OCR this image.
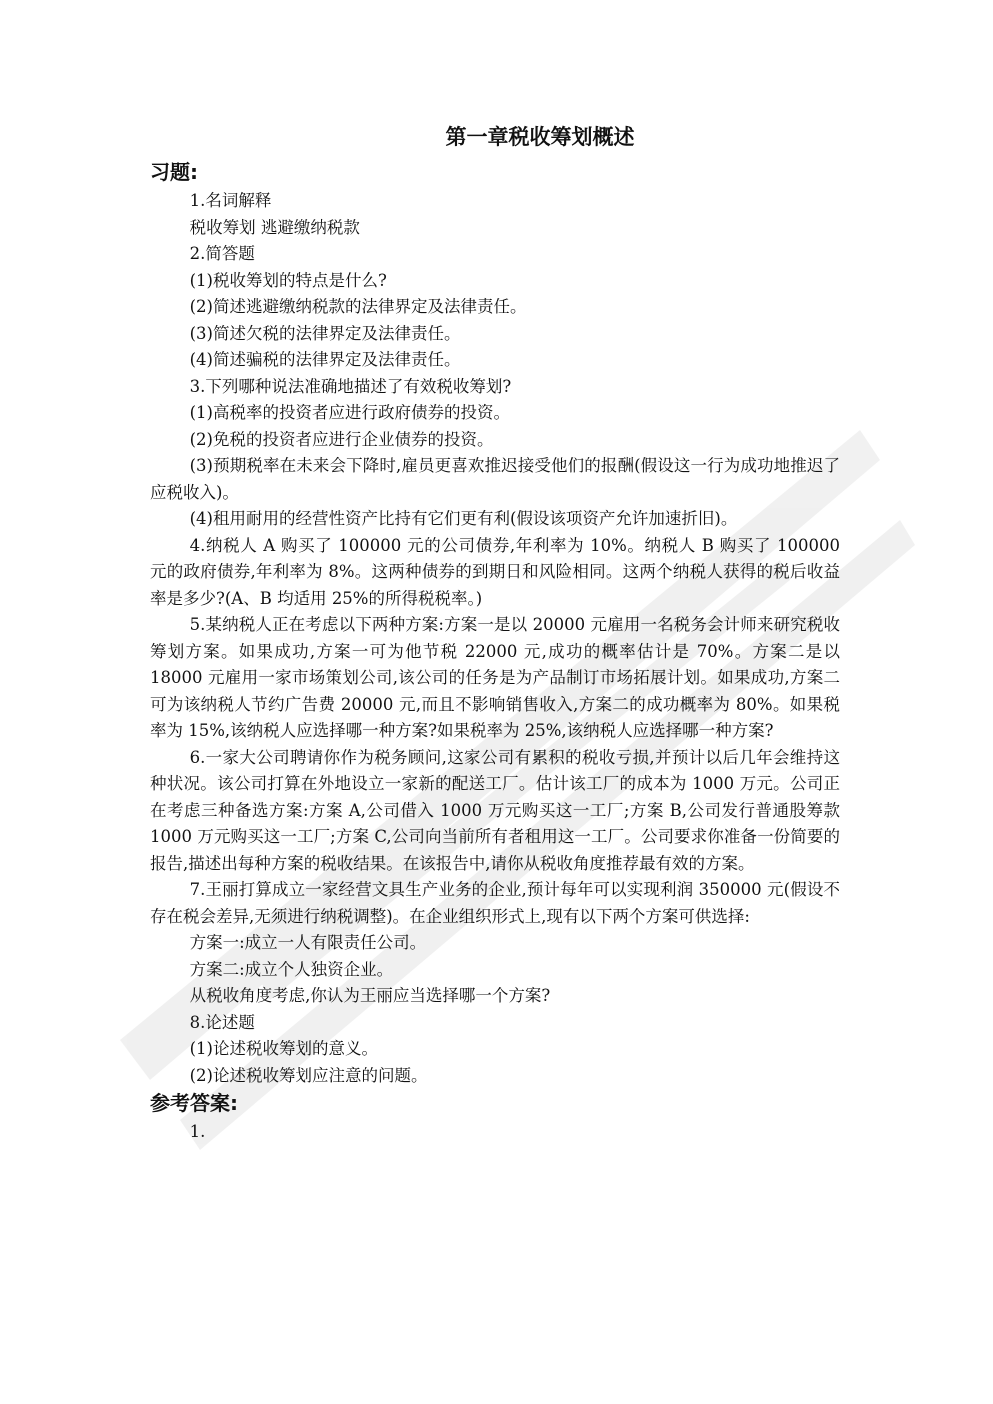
第一章税收筹划概述
习题:

1.名词解释

税收筹划 逃避缴纳税款

2.简答题

(1)税收筹划的特点是什么?

(2)简述逃避缴纳税款的法律界定及法律责任。

(3)简述欠税的法律界定及法律责任。

(4)简述骗税的法律界定及法律责任。

3.下列哪种说法准确地描述了有效税收筹划?

(1)高税率的投资者应进行政府债券的投资。

(2)免税的投资者应进行企业债券的投资。

(3)预期税率在未来会下降时,雇员更喜欢推迟接受他们的报酬(假设这一行为成功地推迟了应税收入)。

(4)租用耐用的经营性资产比持有它们更有利(假设该项资产允许加速折旧)。

4.纳税人 A 购买了 100000 元的公司债券,年利率为 10%。纳税人 B 购买了 100000 元的政府债券,年利率为 8%。这两种债券的到期日和风险相同。这两个纳税人获得的税后收益率是多少?(A、B 均适用 25%的所得税税率。)

5.某纳税人正在考虑以下两种方案:方案一是以 20000 元雇用一名税务会计师来研究税收筹划方案。如果成功,方案一可为他节税 22000 元,成功的概率估计是 70%。方案二是以 18000 元雇用一家市场策划公司,该公司的任务是为产品制订市场拓展计划。如果成功,方案二可为该纳税人节约广告费 20000 元,而且不影响销售收入,方案二的成功概率为 80%。如果税率为 15%,该纳税人应选择哪一种方案?如果税率为 25%,该纳税人应选择哪一种方案?

6.一家大公司聘请你作为税务顾问,这家公司有累积的税收亏损,并预计以后几年会维持这种状况。该公司打算在外地设立一家新的配送工厂。估计该工厂的成本为 1000 万元。公司正在考虑三种备选方案:方案 A,公司借入 1000 万元购买这一工厂;方案 B,公司发行普通股筹款 1000 万元购买这一工厂;方案 C,公司向当前所有者租用这一工厂。公司要求你准备一份简要的报告,描述出每种方案的税收结果。在该报告中,请你从税收角度推荐最有效的方案。

7.王丽打算成立一家经营文具生产业务的企业,预计每年可以实现利润 350000 元(假设不存在税会差异,无须进行纳税调整)。在企业组织形式上,现有以下两个方案可供选择:

方案一:成立一人有限责任公司。

方案二:成立个人独资企业。

从税收角度考虑,你认为王丽应当选择哪一个方案?

8.论述题

(1)论述税收筹划的意义。

(2)论述税收筹划应注意的问题。

参考答案:

1.
